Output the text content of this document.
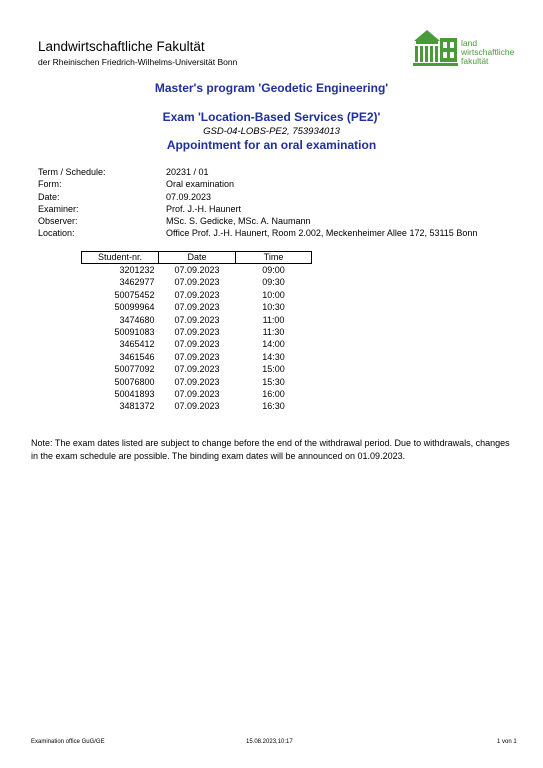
Landwirtschaftliche Fakultät
der Rheinischen Friedrich-Wilhelms-Universität Bonn
land
wirtschaftliche
fakultät
Master's program 'Geodetic Engineering'
Exam 'Location-Based Services (PE2)'
GSD-04-LOBS-PE2, 753934013
Appointment for an oral examination
Term / Schedule:	20231 / 01
Form:	Oral examination
Date:	07.09.2023
Examiner:	Prof. J.-H. Haunert
Observer:	MSc. S. Gedicke, MSc. A. Naumann
Location:	Office Prof. J.-H. Haunert, Room 2.002, Meckenheimer Allee 172, 53115 Bonn
Student-nr.	Date	Time
3201232	07.09.2023	09:00
3462977	07.09.2023	09:30
50075452	07.09.2023	10:00
50099964	07.09.2023	10:30
3474680	07.09.2023	11:00
50091083	07.09.2023	11:30
3465412	07.09.2023	14:00
3461546	07.09.2023	14:30
50077092	07.09.2023	15:00
50076800	07.09.2023	15:30
50041893	07.09.2023	16:00
3481372	07.09.2023	16:30
Note: The exam dates listed are subject to change before the end of the withdrawal period. Due to withdrawals, changes in the exam schedule are possible. The binding exam dates will be announced on 01.09.2023.
Examination office GuG/GE	15.08.2023,10:17	1 von 1
